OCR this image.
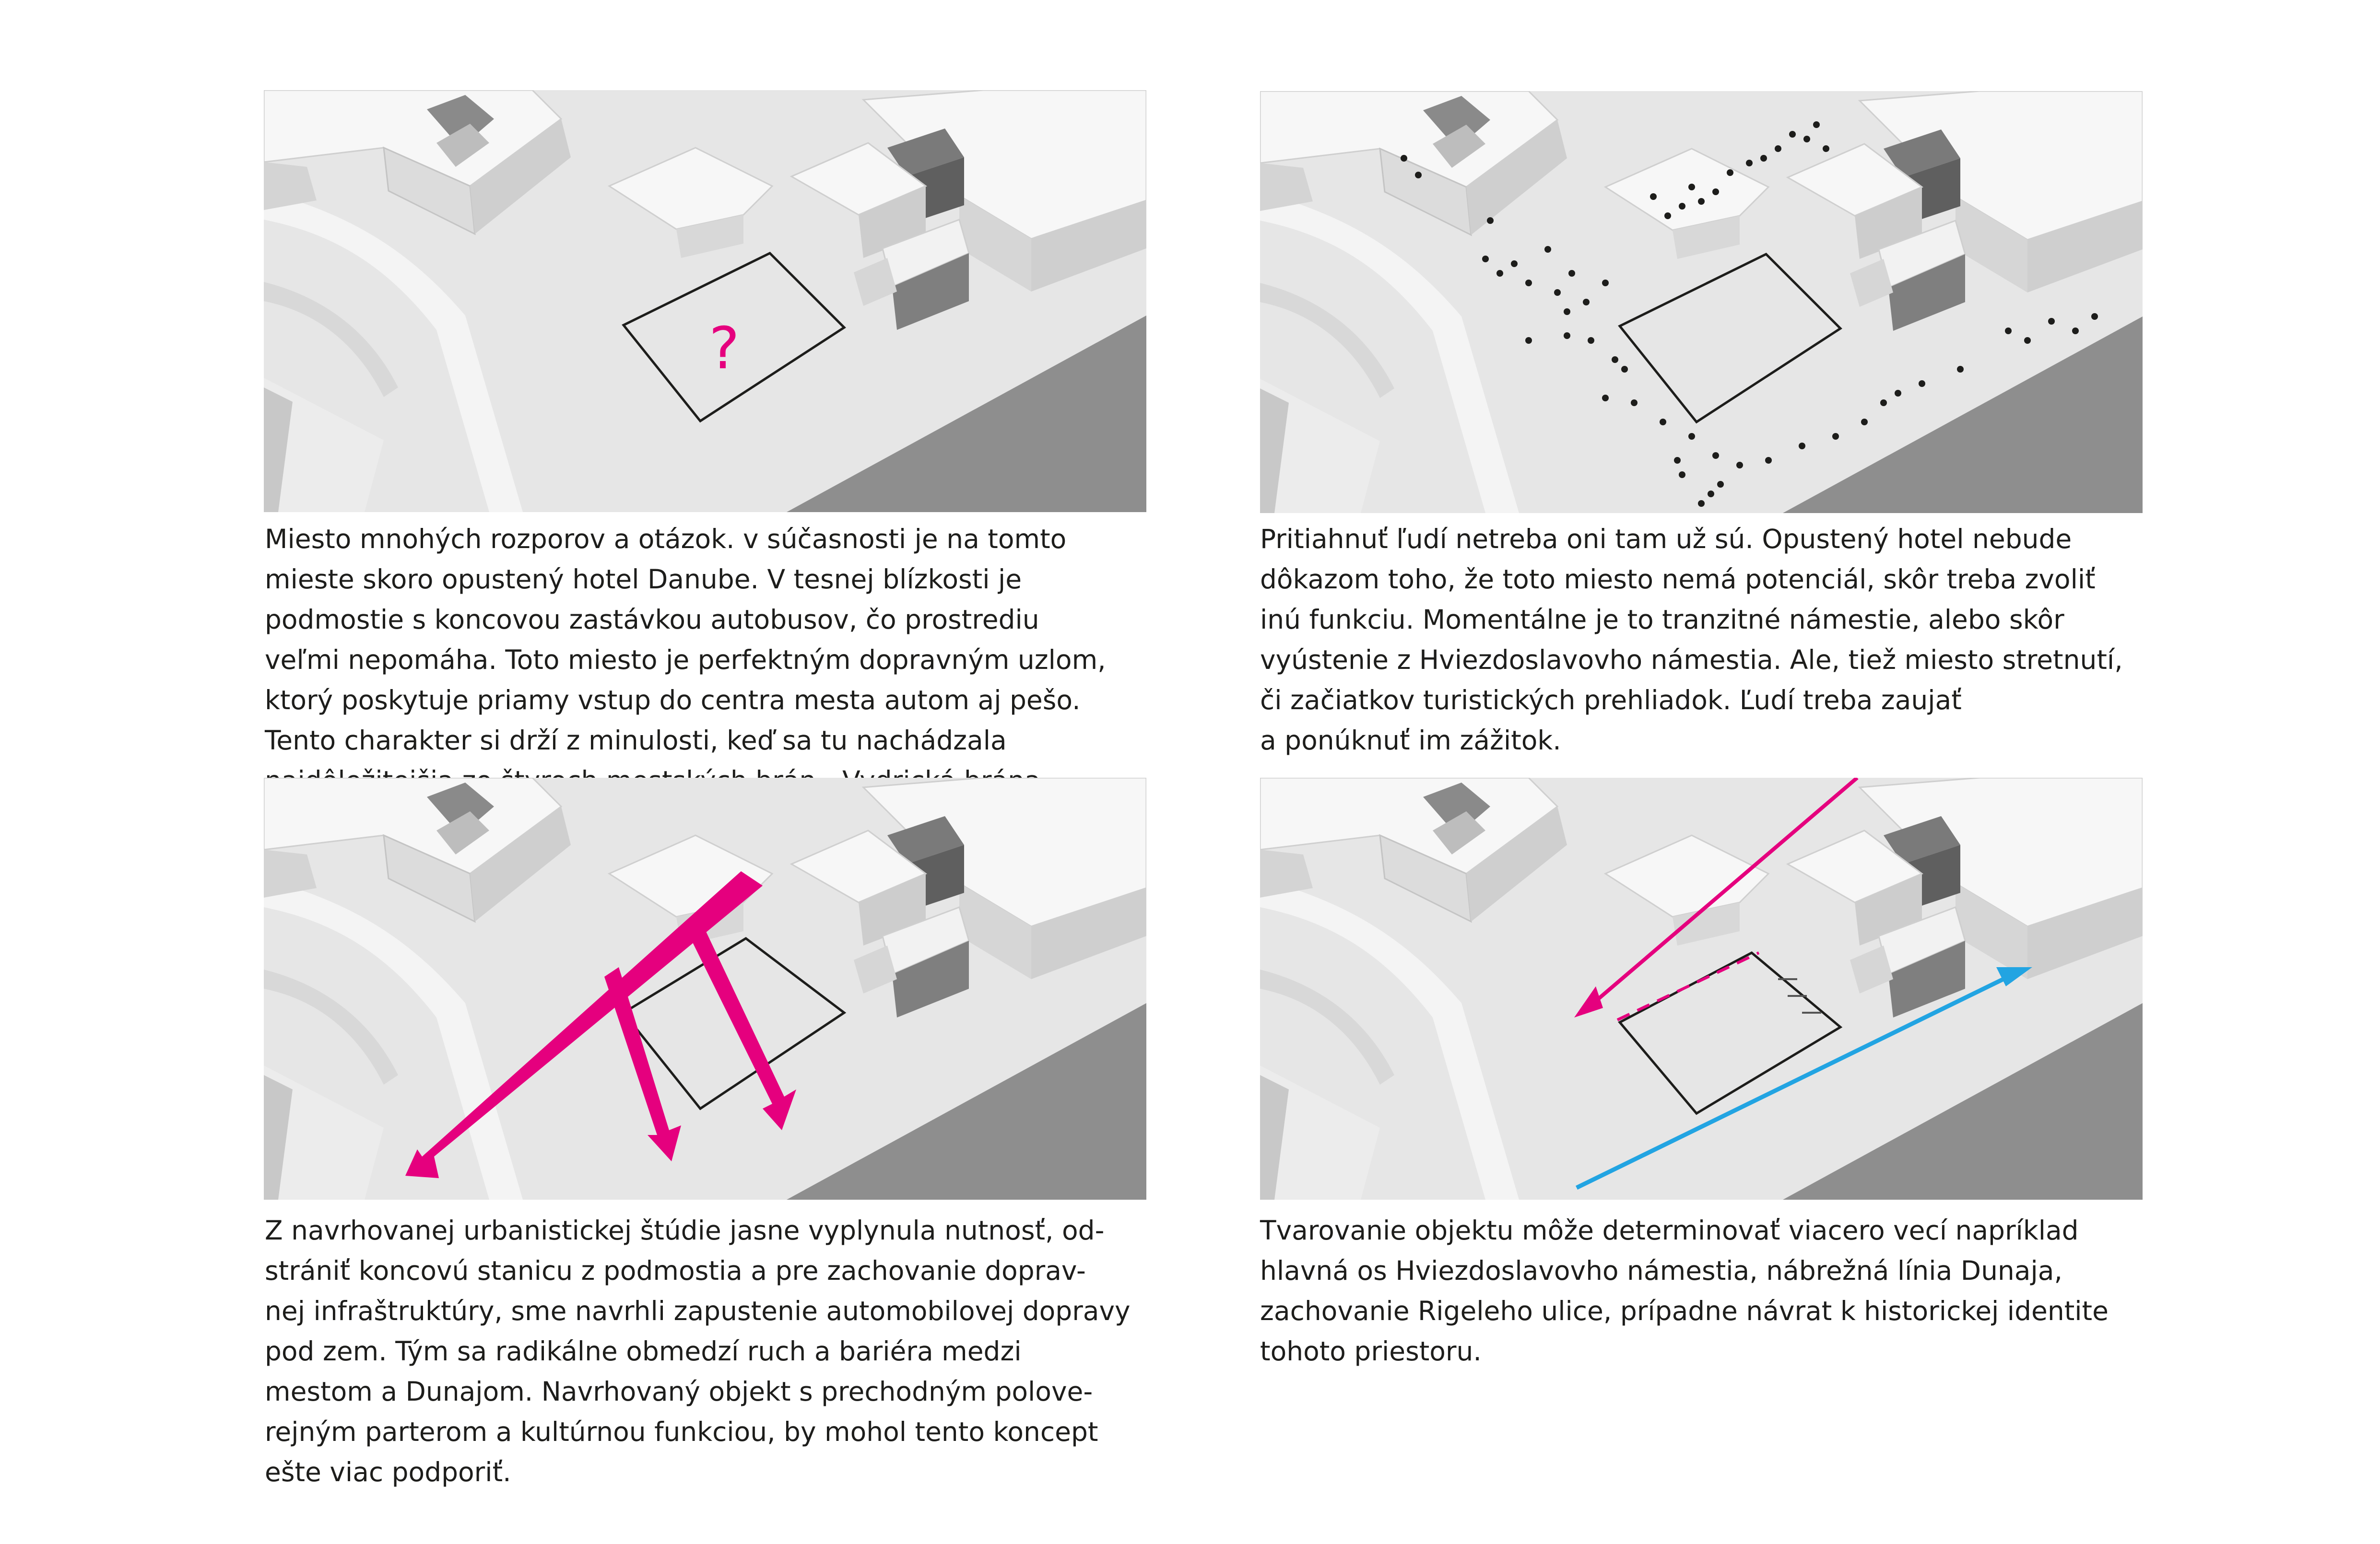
?

Miesto mnohých rozporov a otázok. v súčasnosti je na tomto
mieste skoro opustený hotel Danube. V tesnej blízkosti je
podmostie s koncovou zastávkou autobusov, čo prostrediu
veľmi nepomáha. Toto miesto je perfektným dopravným uzlom,
ktorý poskytuje priamy vstup do centra mesta autom aj pešo.
Tento charakter si drží z minulosti, keď sa tu nachádzala

Pritiahnuť ľudí netreba oni tam už sú. Opustený hotel nebude
dôkazom toho, že toto miesto nemá potenciál, skôr treba zvoliť
inú funkciu. Momentálne je to tranzitné námestie, alebo skôr
vyústenie z Hviezdoslavovho námestia. Ale, tiež miesto stretnutí,
či začiatkov turistických prehliadok. Ľudí treba zaujať
a ponúknuť im zážitok.

Z navrhovanej urbanistickej štúdie jasne vyplynula nutnosť, od-
strániť koncovú stanicu z podmostia a pre zachovanie doprav-
nej infraštruktúry, sme navrhli zapustenie automobilovej dopravy
pod zem. Tým sa radikálne obmedzí ruch a bariéra medzi
mestom a Dunajom. Navrhovaný objekt s prechodným polove-
rejným parterom a kultúrnou funkciou, by mohol tento koncept
ešte viac podporiť.

Tvarovanie objektu môže determinovať viacero vecí napríklad
hlavná os Hviezdoslavovho námestia, nábrežná línia Dunaja,
zachovanie Rigeleho ulice, prípadne návrat k historickej identite
tohoto priestoru.
